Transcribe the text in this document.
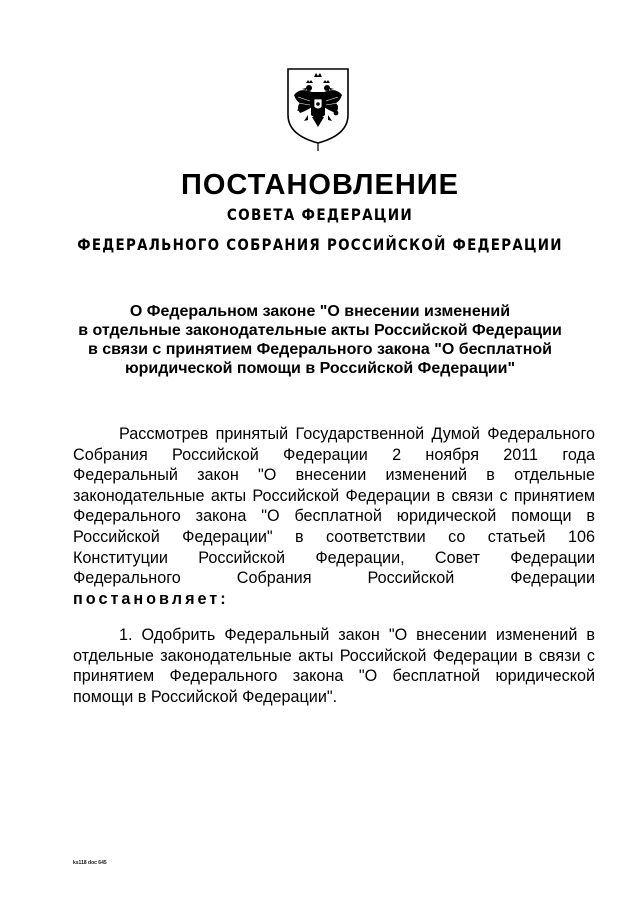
ПОСТАНОВЛЕНИЕ
СОВЕТА ФЕДЕРАЦИИ
ФЕДЕРАЛЬНОГО СОБРАНИЯ РОССИЙСКОЙ ФЕДЕРАЦИИ
О Федеральном законе "О внесении изменений
в отдельные законодательные акты Российской Федерации
в связи с принятием Федерального закона "О бесплатной
юридической помощи в Российской Федерации"
Рассмотрев принятый Государственной Думой Федерального
Собрания Российской Федерации 2 ноября 2011 года
Федеральный закон "О внесении изменений в отдельные
законодательные акты Российской Федерации в связи с принятием
Федерального закона "О бесплатной юридической помощи в
Российской Федерации" в соответствии со статьей 106
Конституции Российской Федерации, Совет Федерации
Федерального Собрания Российской Федерации
постановляет:
1. Одобрить Федеральный закон "О внесении изменений в
отдельные законодательные акты Российской Федерации в связи с
принятием Федерального закона "О бесплатной юридической
помощи в Российской Федерации".
ks118 doc 645
